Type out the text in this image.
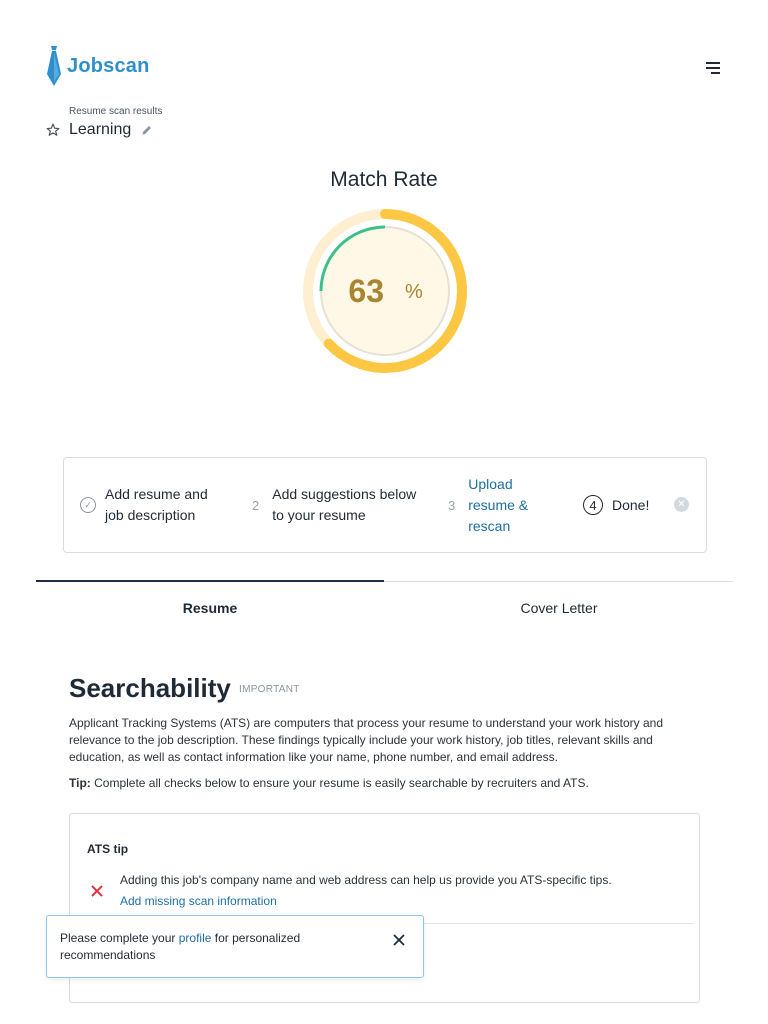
Jobscan
Resume scan results
Learning
Match Rate
63 %
✓
Add resume and
job description
2
Add suggestions below
to your resume
3
Upload
resume &
rescan
4	Done!	✕
Resume	Cover Letter
Searchability IMPORTANT
Applicant Tracking Systems (ATS) are computers that process your resume to understand your work history and
relevance to the job description. These findings typically include your work history, job titles, relevant skills and
education, as well as contact information like your name, phone number, and email address.
Tip: Complete all checks below to ensure your resume is easily searchable by recruiters and ATS.
ATS tip
Adding this job's company name and web address can help us provide you ATS-specific tips.
Add missing scan information
Please complete your profile for personalized recommendations
